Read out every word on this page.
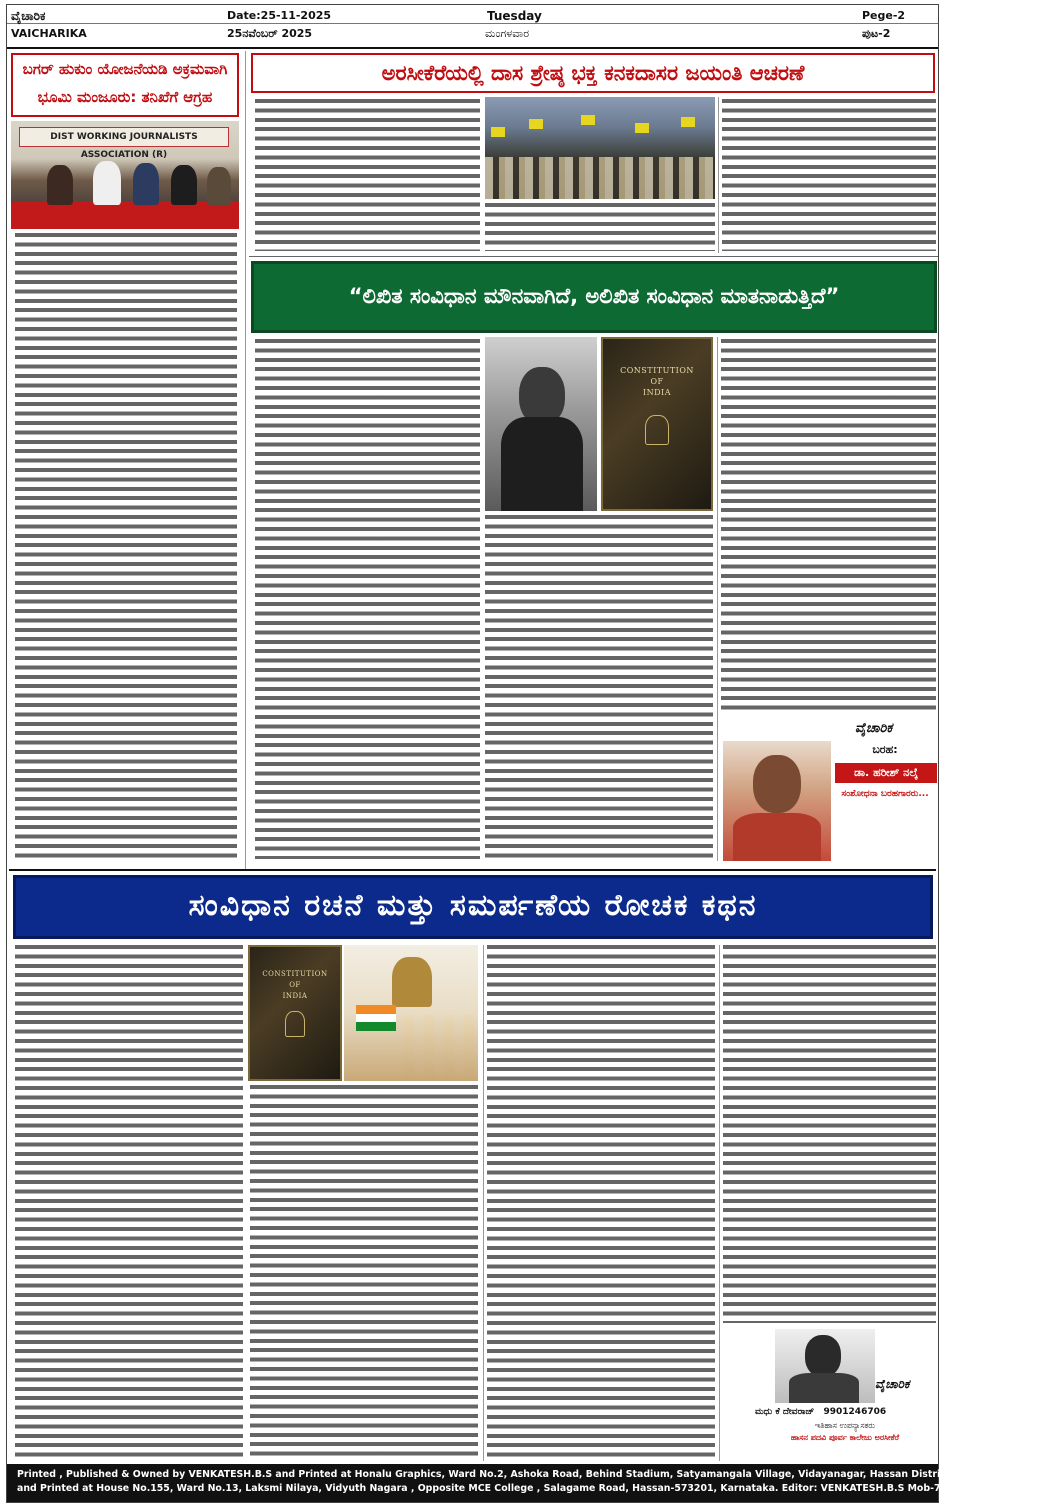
ವೈಚಾರಿಕ
VAICHARIKA
Date:25-11-2025
25ನವೆಂಬರ್ 2025
Tuesday
ಮಂಗಳವಾರ
Pege-2
ಪುಟ-2
ಬಗರ್ ಹುಕುಂ ಯೋಜನೆಯಡಿ ಅಕ್ರಮವಾಗಿ
ಭೂಮಿ ಮಂಜೂರು: ತನಿಖೆಗೆ ಆಗ್ರಹ
DIST WORKING JOURNALISTS ASSOCIATION (R)
ಅರಸೀಕೆರೆಯಲ್ಲಿ ದಾಸ ಶ್ರೇಷ್ಠ ಭಕ್ತ ಕನಕದಾಸರ ಜಯಂತಿ ಆಚರಣೆ
“ಲಿಖಿತ ಸಂವಿಧಾನ ಮೌನವಾಗಿದೆ, ಅಲಿಖಿತ ಸಂವಿಧಾನ ಮಾತನಾಡುತ್ತಿದೆ”
CONSTITUTION
OF
INDIA
ವೈಚಾರಿಕ
ಬರಹ:
ಡಾ. ಹರೀಶ್ ನಲ್ಕೆ
ಸಂಶೋಧನಾ ಬರಹಗಾರರು...
ಸಂವಿಧಾನ ರಚನೆ ಮತ್ತು ಸಮರ್ಪಣೆಯ ರೋಚಕ ಕಥನ
CONSTITUTION
OF
INDIA
ವೈಚಾರಿಕ
ಮಧು ಕೆ ದೇವರಾಜ್ 9901246706
ಇತಿಹಾಸ ಉಪನ್ಯಾಸಕರು
ಹಾಸನ ಪದವಿ ಪೂರ್ವ ಕಾಲೇಜು ಅರಸೀಕೆರೆ
Printed , Published & Owned by VENKATESH.B.S and Printed at Honalu Graphics, Ward No.2, Ashoka Road, Behind Stadium, Satyamangala Village, Vidayanagar, Hassan District, Karnataka-573201
and Printed at House No.155, Ward No.13, Laksmi Nilaya, Vidyuth Nagara , Opposite MCE College , Salagame Road, Hassan-573201, Karnataka. Editor: VENKATESH.B.S Mob-7899533643
